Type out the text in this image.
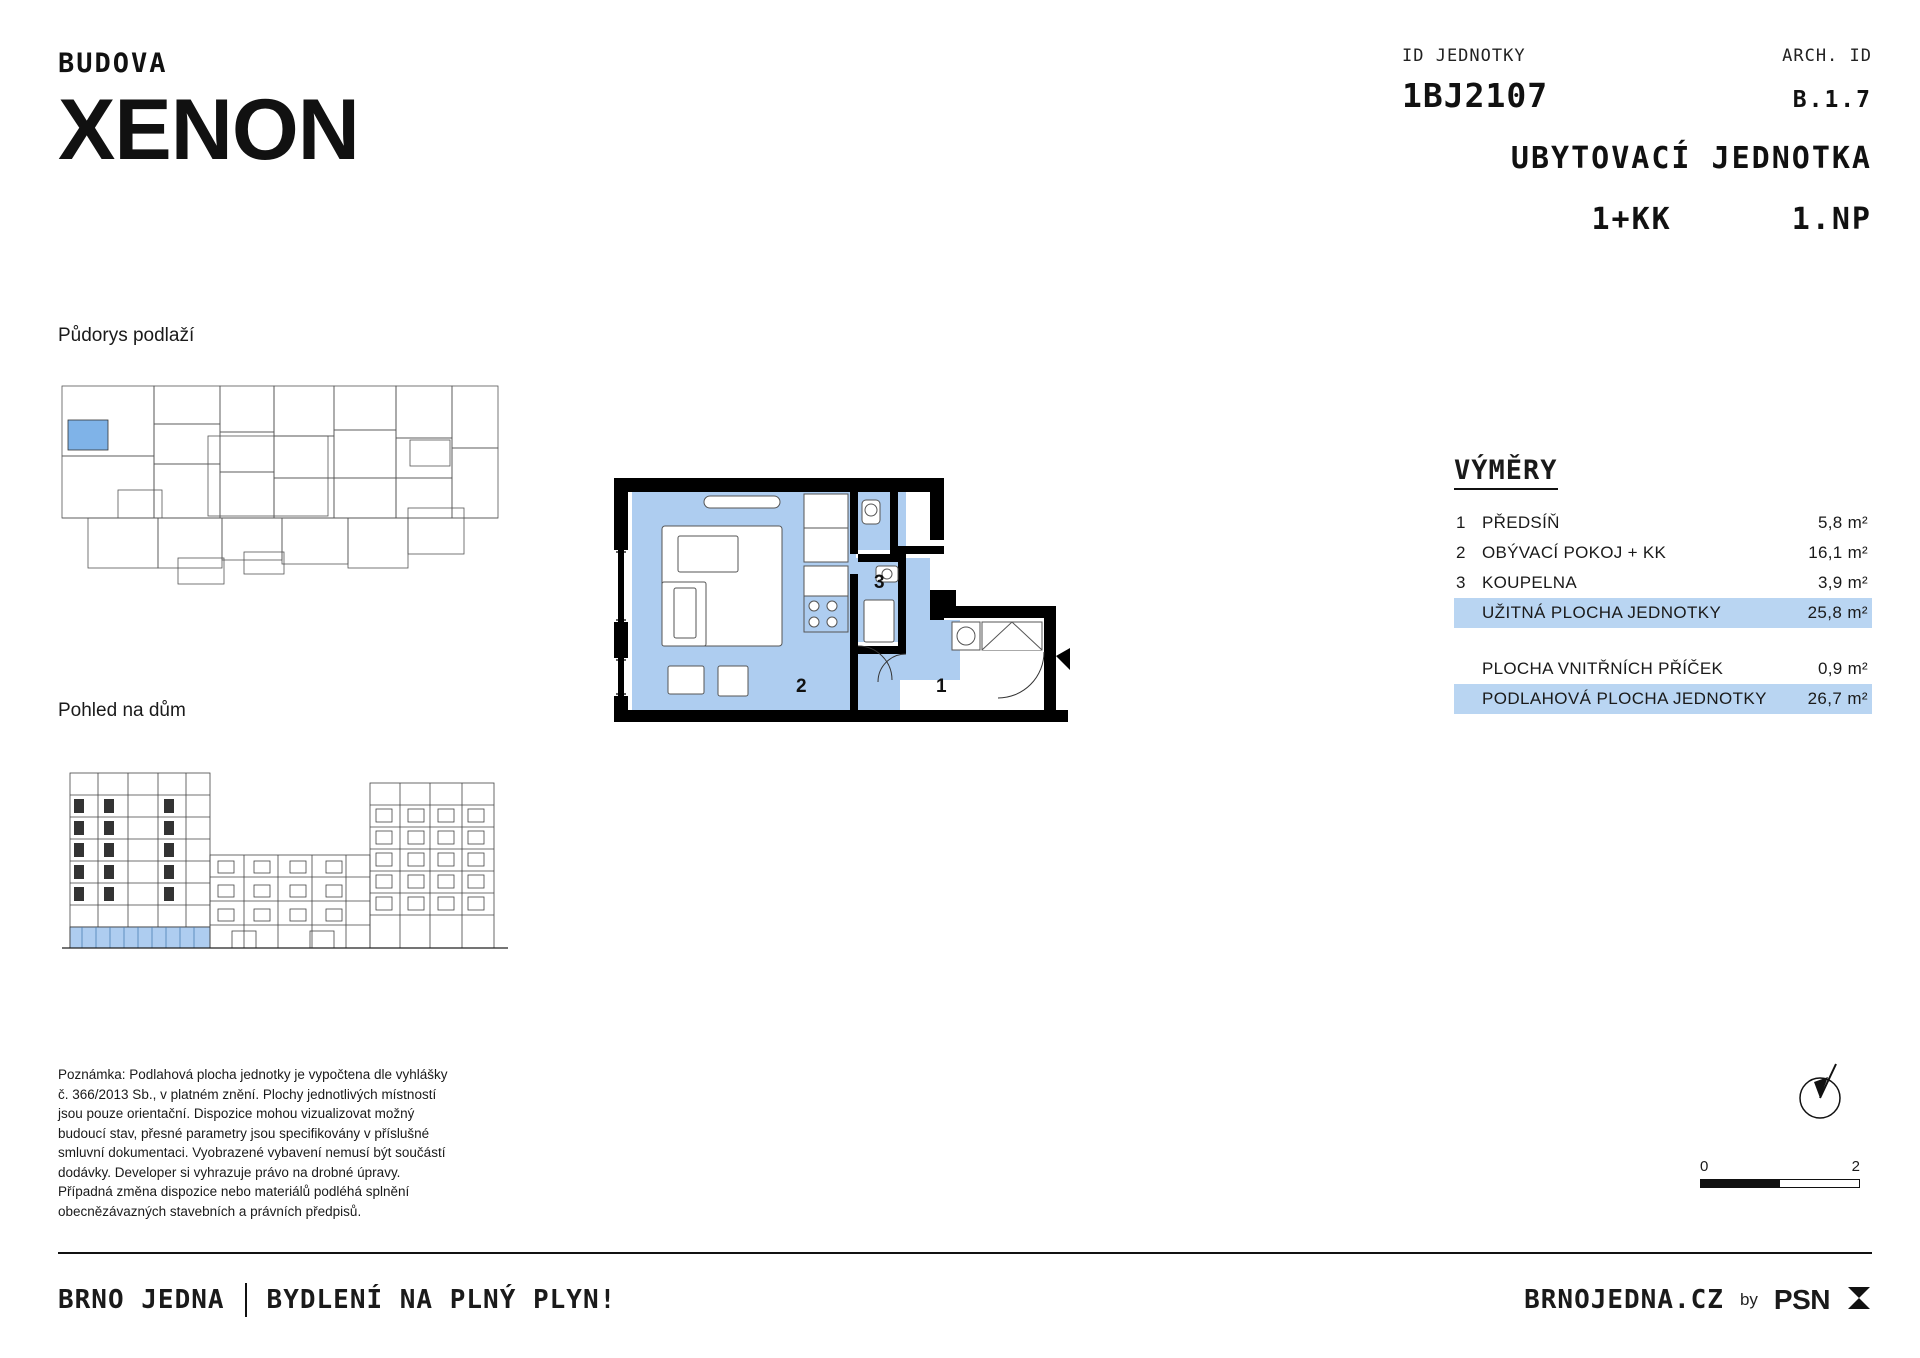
BUDOVA
XENON
ID JEDNOTKY	ARCH. ID
1BJ2107	B.1.7
UBYTOVACÍ JEDNOTKA
1+KK	1.NP
Půdorys podlaží
Pohled na dům
Poznámka: Podlahová plocha jednotky je vypočtena dle vyhlášky č. 366/2013 Sb., v platném znění. Plochy jednotlivých místností jsou pouze orientační. Dispozice mohou vizualizovat možný budoucí stav, přesné parametry jsou specifikovány v příslušné smluvní dokumentaci. Vyobrazené vybavení nemusí být součástí dodávky. Developer si vyhrazuje právo na drobné úpravy. Případná změna dispozice nebo materiálů podléhá splnění obecnězávazných stavebních a právních předpisů.
1
2
3
VÝMĚRY
1 PŘEDSÍŇ	5,8 m²
2 OBÝVACÍ POKOJ + KK	16,1 m²
3 KOUPELNA	3,9 m²
UŽITNÁ PLOCHA JEDNOTKY	25,8 m²
PLOCHA VNITŘNÍCH PŘÍČEK	0,9 m²
PODLAHOVÁ PLOCHA JEDNOTKY	26,7 m²
0	2
BRNO JEDNA BYDLENÍ NA PLNÝ PLYN!	BRNOJEDNA.CZ by PSN
